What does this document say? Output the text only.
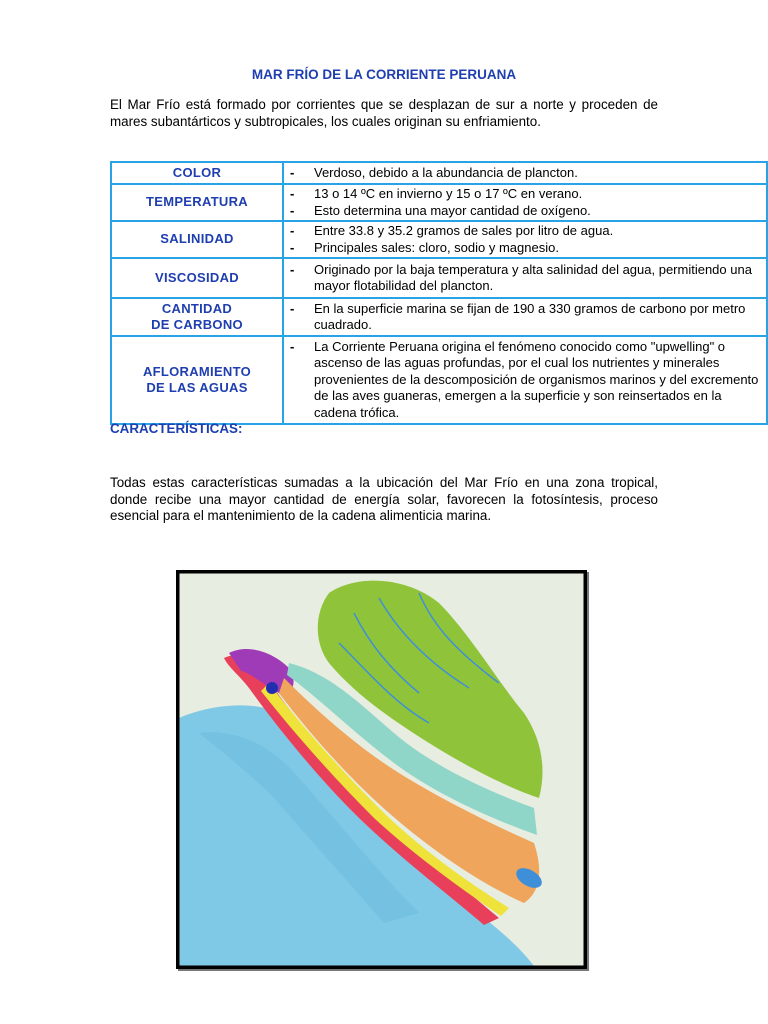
MAR FRÍO DE LA CORRIENTE PERUANA
El Mar Frío está formado por corrientes que se desplazan de sur a norte y proceden de mares subantárticos y subtropicales, los cuales originan su enfriamiento.
COLOR	- Verdoso, debido a la abundancia de plancton.

TEMPERATURA	- 13 o 14 ºC en invierno y 15 o 17 ºC en verano.
- Esto determina una mayor cantidad de oxígeno.

SALINIDAD	- Entre 33.8 y 35.2 gramos de sales por litro de agua.
- Principales sales: cloro, sodio y magnesio.

VISCOSIDAD	- Originado por la baja temperatura y alta salinidad del agua, permitiendo una mayor flotabilidad del plancton.

CANTIDAD
DE CARBONO	- En la superficie marina se fijan de 190 a 330 gramos de carbono por metro cuadrado.

AFLORAMIENTO
DE LAS AGUAS	- La Corriente Peruana origina el fenómeno conocido como "upwelling" o ascenso de las aguas profundas, por el cual los nutrientes y minerales provenientes de la descomposición de organismos marinos y del excremento de las aves guaneras, emergen a la superficie y son reinsertados en la cadena trófica.
CARACTERÍSTICAS:
Todas estas características sumadas a la ubicación del Mar Frío en una zona tropical, donde recibe una mayor cantidad de energía solar, favorecen la fotosíntesis, proceso esencial para el mantenimiento de la cadena alimenticia marina.
